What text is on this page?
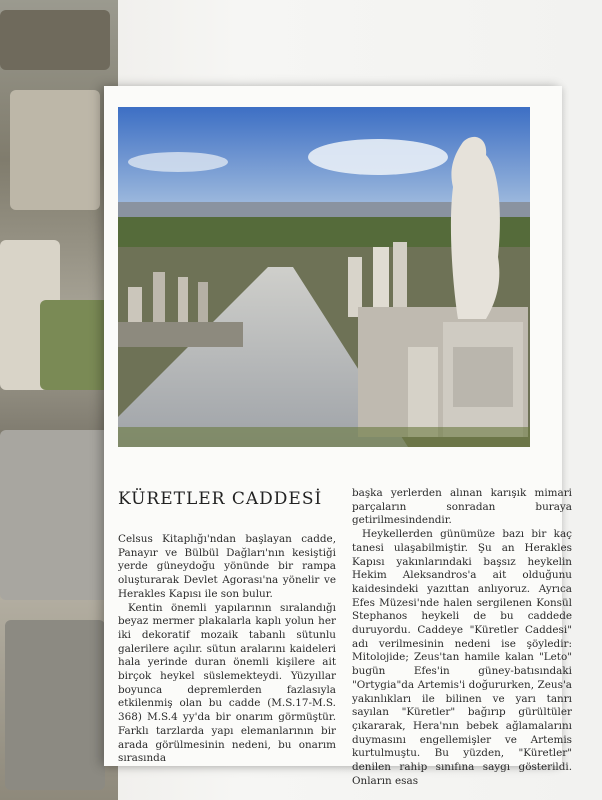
KÜRETLER CADDESİ

Celsus Kitaplığı'ndan başlayan cadde, Panayır ve Bülbül Dağları'nın kesiştiği yerde güneydoğu yönünde bir rampa oluşturarak Devlet Agorası'na yönelir ve Herakles Kapısı ile son bulur.

Kentin önemli yapılarının sıralandığı beyaz mermer plakalarla kaplı yolun her iki dekoratif mozaik tabanlı sütunlu galerilere açılır. sütun aralarını kaideleri hala yerinde duran önemli kişilere ait birçok heykel süslemekteydi. Yüzyıllar boyunca depremlerden fazlasıyla etkilenmiş olan bu cadde (M.S.17-M.S. 368) M.S.4 yy'da bir onarım görmüştür. Farklı tarzlarda yapı elemanlarının bir arada görülmesinin nedeni, bu onarım sırasında

başka yerlerden alınan karışık mimari parçaların sonradan buraya getirilmesindendir.

Heykellerden günümüze bazı bir kaç tanesi ulaşabilmiştir. Şu an Herakles Kapısı yakınlarındaki başsız heykelin Hekim Aleksandros'a ait olduğunu kaidesindeki yazıttan anlıyoruz. Ayrıca Efes Müzesi'nde halen sergilenen Konsül Stephanos heykeli de bu caddede duruyordu. Caddeye "Küretler Caddesi" adı verilmesinin nedeni ise şöyledir: Mitolojide; Zeus'tan hamile kalan "Leto" bugün Efes'in güney-batısındaki "Ortygia"da Artemis'i doğururken, Zeus'a yakınlıkları ile bilinen ve yarı tanrı sayılan "Küretler" bağırıp gürültüler çıkararak, Hera'nın bebek ağlamalarını duymasını engellemişler ve Artemis kurtulmuştu. Bu yüzden, "Küretler" denilen rahip sınıfına saygı gösterildi. Onların esas
